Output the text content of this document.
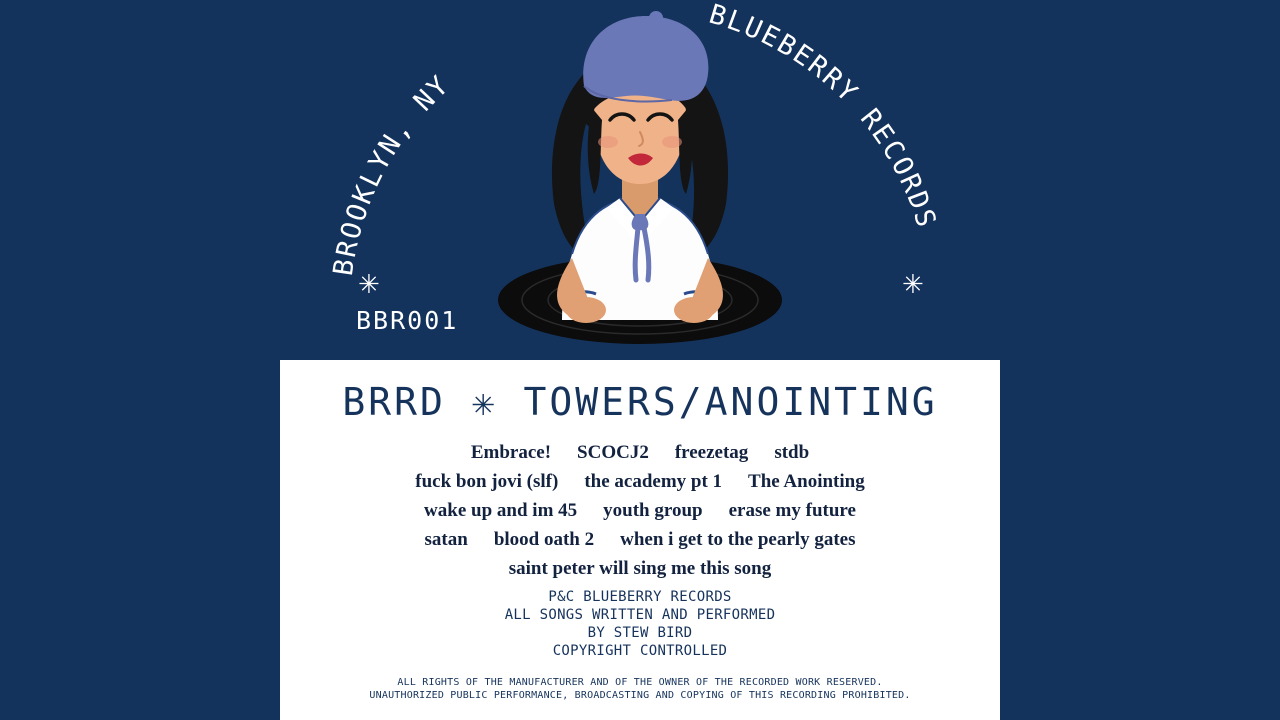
BROOKLYN, NY
BLUEBERRY RECORDS
✳	✳
BBR001
BRRD ✳ TOWERS/ANOINTING
Embrace! SCOCJ2 freezetag stdb
fuck bon jovi (slf) the academy pt 1 The Anointing
wake up and im 45 youth group erase my future
satan blood oath 2 when i get to the pearly gates
saint peter will sing me this song
P&C BLUEBERRY RECORDS
ALL SONGS WRITTEN AND PERFORMED
BY STEW BIRD
COPYRIGHT CONTROLLED
ALL RIGHTS OF THE MANUFACTURER AND OF THE OWNER OF THE RECORDED WORK RESERVED.
UNAUTHORIZED PUBLIC PERFORMANCE, BROADCASTING AND COPYING OF THIS RECORDING PROHIBITED.
